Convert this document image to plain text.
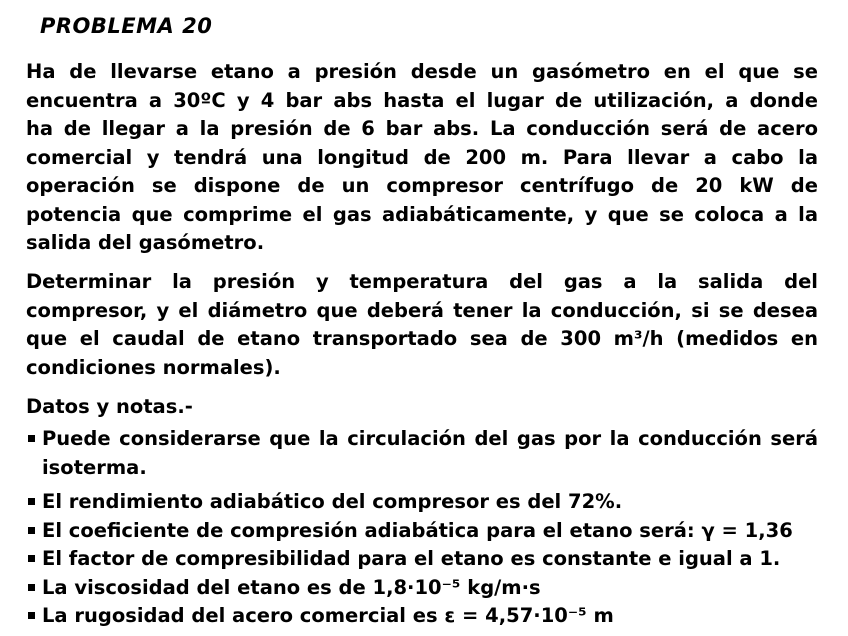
PROBLEMA 20
Ha de llevarse etano a presión desde un gasómetro en el que se
encuentra a 30ºC y 4 bar abs hasta el lugar de utilización, a donde
ha de llegar a la presión de 6 bar abs. La conducción será de acero
comercial y tendrá una longitud de 200 m. Para llevar a cabo la
operación se dispone de un compresor centrífugo de 20 kW de
potencia que comprime el gas adiabáticamente, y que se coloca a la
salida del gasómetro.
Determinar la presión y temperatura del gas a la salida del
compresor, y el diámetro que deberá tener la conducción, si se desea
que el caudal de etano transportado sea de 300 m³/h (medidos en
condiciones normales).
Datos y notas.-
Puede considerarse que la circulación del gas por la conducción será
isoterma.
El rendimiento adiabático del compresor es del 72%.
El coeficiente de compresión adiabática para el etano será: γ = 1,36
El factor de compresibilidad para el etano es constante e igual a 1.
La viscosidad del etano es de 1,8·10⁻⁵ kg/m·s
La rugosidad del acero comercial es ε = 4,57·10⁻⁵ m
